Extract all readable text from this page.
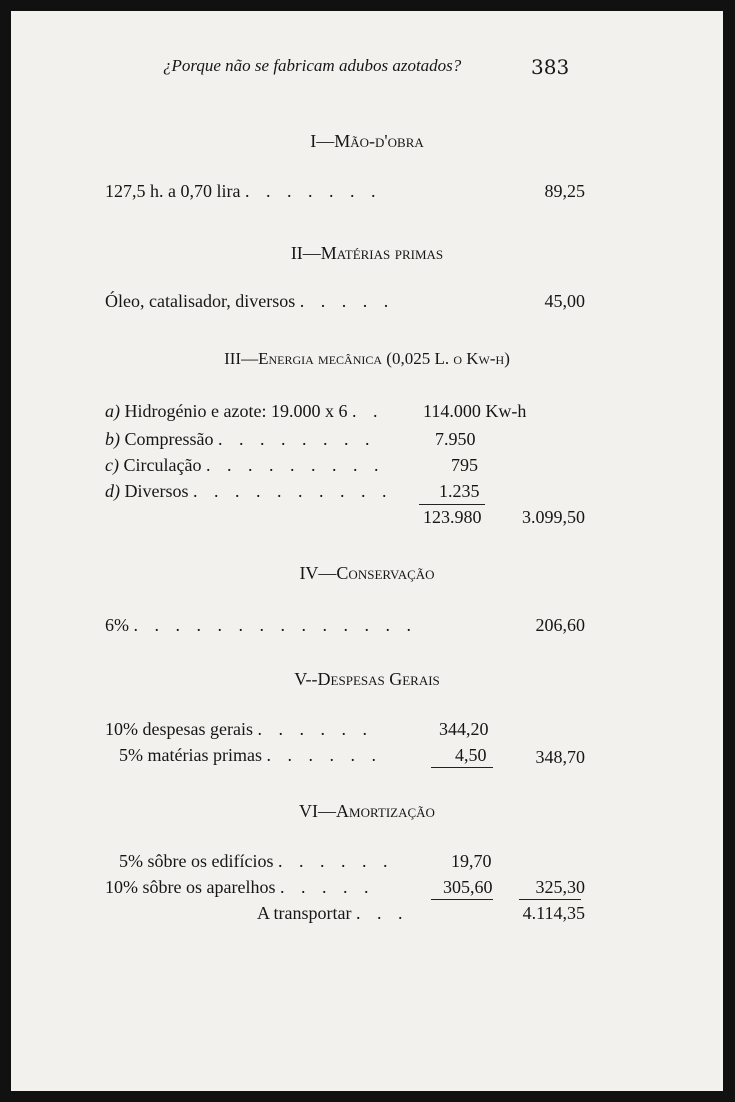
¿Porque não se fabricam adubos azotados?	383
I—Mão-d'obra
127,5 h. a 0,70 lira . . . . . . .	89,25
II—Matérias primas
Óleo, catalisador, diversos . . . . .	45,00
III—Energia mecânica (0,025 L. o Kw-h)
a) Hidrogénio e azote: 19.000 x 6 . . 114.000 Kw-h
b) Compressão . . . . . . . .	7.950
c) Circulação . . . . . . . . .	795
d) Diversos . . . . . . . . . .	1.235
123.980	3.099,50
IV—Conservação
6% . . . . . . . . . . . . . .	206,60
V--Despesas Gerais
10% despesas gerais . . . . . .	344,20
5% matérias primas . . . . . .	4,50	348,70
VI—Amortização
5% sôbre os edifícios . . . . . .	19,70
10% sôbre os aparelhos . . . . .	305,60	325,30
A transportar . . .	4.114,35
